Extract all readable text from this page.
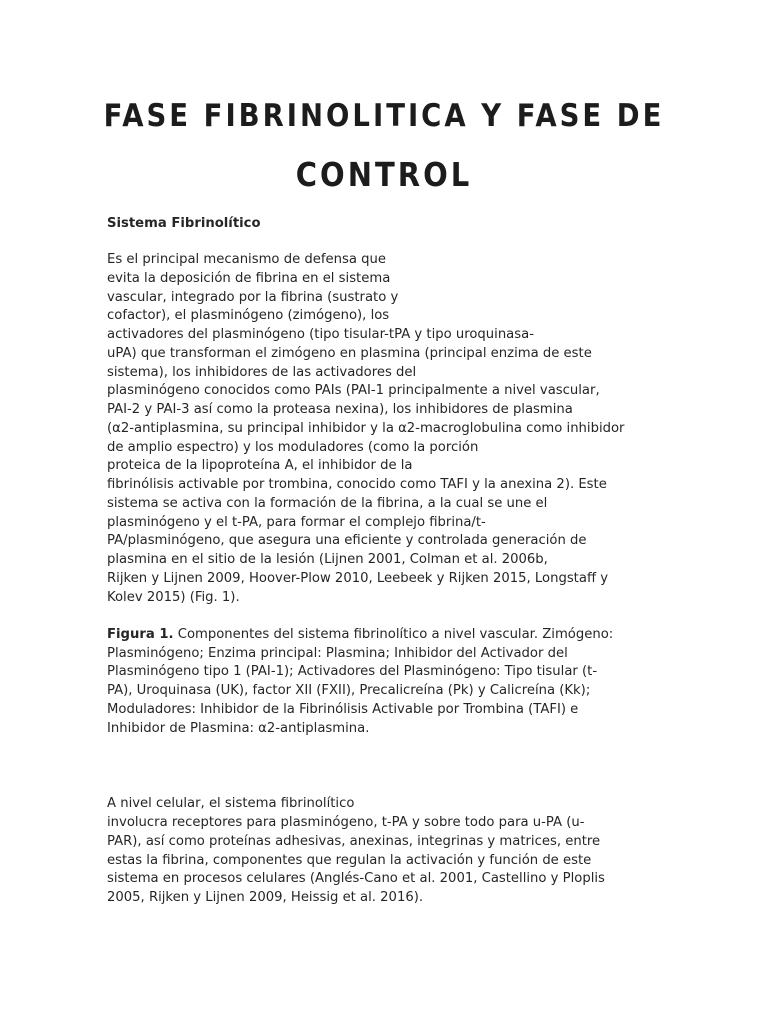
FASE FIBRINOLITICA Y FASE DE
CONTROL
Sistema Fibrinolítico
Es el principal mecanismo de defensa que
evita la deposición de fibrina en el sistema
vascular, integrado por la fibrina (sustrato y
cofactor), el plasminógeno (zimógeno), los
activadores del plasminógeno (tipo tisular-tPA y tipo uroquinasa-
uPA) que transforman el zimógeno en plasmina (principal enzima de este
sistema), los inhibidores de las activadores del
plasminógeno conocidos como PAIs (PAI-1 principalmente a nivel vascular,
PAI-2 y PAI-3 así como la proteasa nexina), los inhibidores de plasmina
(α2-antiplasmina, su principal inhibidor y la α2-macroglobulina como inhibidor
de amplio espectro) y los moduladores (como la porción
proteica de la lipoproteína A, el inhibidor de la
fibrinólisis activable por trombina, conocido como TAFI y la anexina 2). Este
sistema se activa con la formación de la fibrina, a la cual se une el
plasminógeno y el t-PA, para formar el complejo fibrina/t-
PA/plasminógeno, que asegura una eficiente y controlada generación de
plasmina en el sitio de la lesión (Lijnen 2001, Colman et al. 2006b,
Rijken y Lijnen 2009, Hoover-Plow 2010, Leebeek y Rijken 2015, Longstaff y
Kolev 2015) (Fig. 1).
Figura 1. Componentes del sistema fibrinolítico a nivel vascular. Zimógeno:
Plasminógeno; Enzima principal: Plasmina; Inhibidor del Activador del
Plasminógeno tipo 1 (PAI-1); Activadores del Plasminógeno: Tipo tisular (t-
PA), Uroquinasa (UK), factor XII (FXII), Precalicreína (Pk) y Calicreína (Kk);
Moduladores: Inhibidor de la Fibrinólisis Activable por Trombina (TAFI) e
Inhibidor de Plasmina: α2-antiplasmina.
A nivel celular, el sistema fibrinolítico
involucra receptores para plasminógeno, t-PA y sobre todo para u-PA (u-
PAR), así como proteínas adhesivas, anexinas, integrinas y matrices, entre
estas la fibrina, componentes que regulan la activación y función de este
sistema en procesos celulares (Anglés-Cano et al. 2001, Castellino y Ploplis
2005, Rijken y Lijnen 2009, Heissig et al. 2016).
